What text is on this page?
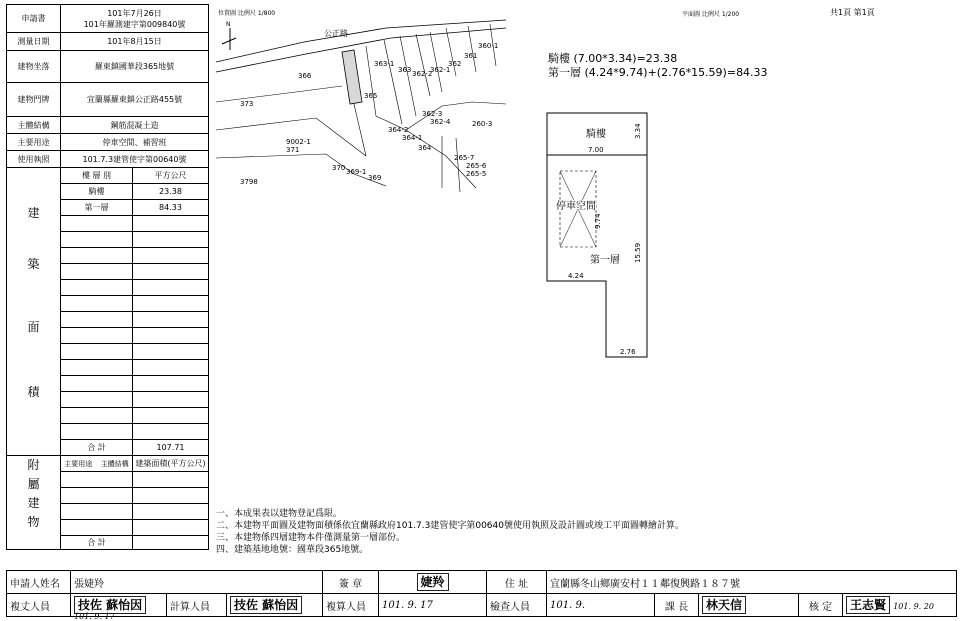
申請書	101年7月26日
101年羅測建字第009840號	

測量日期	101年8月15日	
建物坐落	羅東鎮國華段365地號	
建物門牌	宜蘭縣羅東鎮公正路455號	
主體結構	鋼筋混凝土造	
主要用途	停車空間、補習班	
使用執照	101.7.3建管使字第00640號	

建
築
面
積	樓 層 別	平方公尺
	騎樓	23.38
	第一層	84.33

	合 計	107.71

附
屬
建
物	主要用途 主體結構	建築面積(平方公尺)

	合 計	
位置圖 比例尺 1/800
N
公正路
360-1
361
362
362-1
362-2
363
363-1
365
366
362-3
362-4	260-3
364-2
364-1
364
265-7
265-6
265-5
373
9002-1
371
370 369-1
369
3798
平面圖 比例尺 1/200	共1頁 第1頁
騎樓 (7.00*3.34)=23.38
第一層 (4.24*9.74)+(2.76*15.59)=84.33
騎樓	3.34
7.00
停車空間
9.74
第一層 15.59
4.24
2.76
一、本成果表以建物登記爲限。
二、本建物平面圖及建物面積係依宜蘭縣政府101.7.3建管使字第00640號使用執照及設計圖或竣工平面圖轉繪計算。
三、本建物係四層建物本件僅測量第一層部份。
四、建築基地地號：國華段365地號。
申請人姓名	張婕羚			簽 章	婕羚	住 址	宜蘭縣冬山鄉廣安村１１鄰復興路１８７號				
複丈人員	技佐 蘇怡因	計算人員	技佐 蘇怡因	複算人員	101. 9. 17	檢查人員	101. 9.	課 長	林天信	核 定	王志賢 101. 9. 20
101. 9. 17
